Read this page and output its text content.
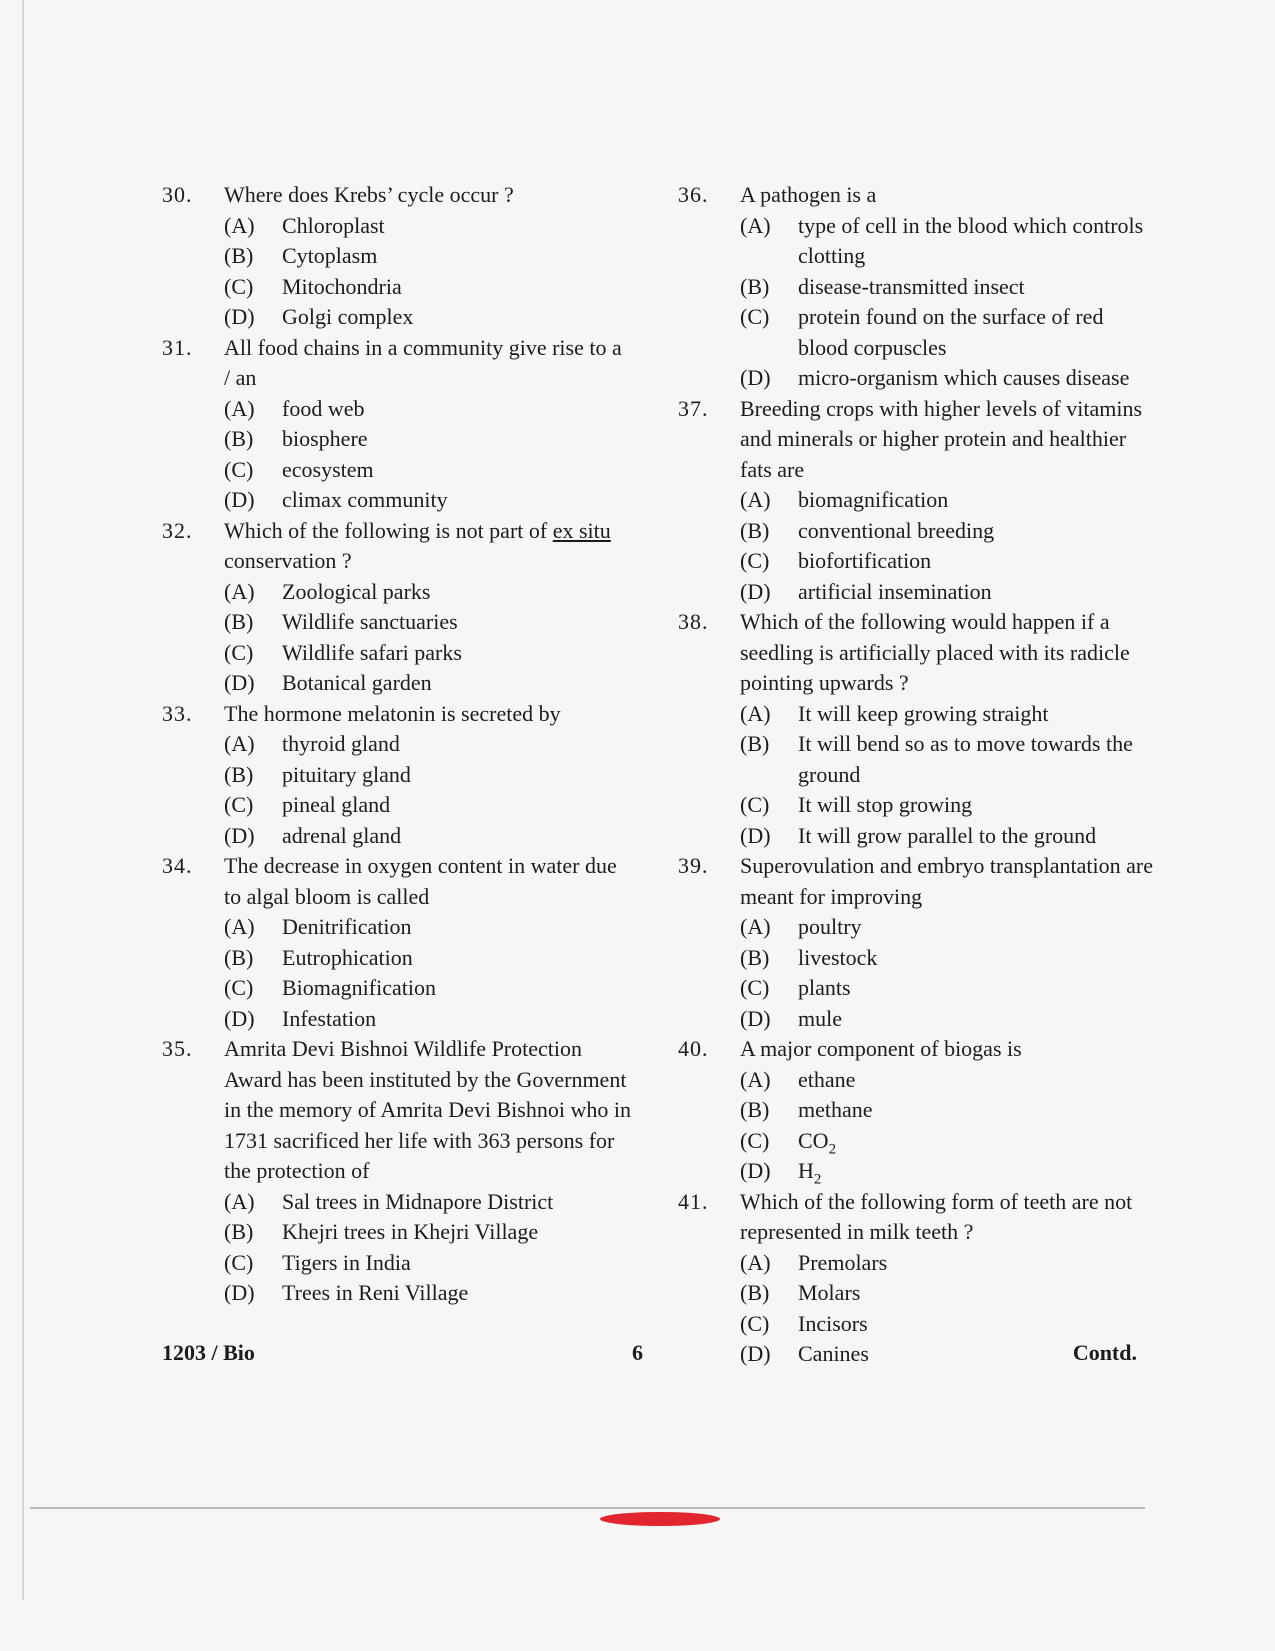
30.	Where does Krebs’ cycle occur ?
(A)	Chloroplast
(B)	Cytoplasm
(C)	Mitochondria
(D)	Golgi complex
31.	All food chains in a community give rise to a / an
(A)	food web
(B)	biosphere
(C)	ecosystem
(D)	climax community
32.	Which of the following is not part of ex situ conservation ?
(A)	Zoological parks
(B)	Wildlife sanctuaries
(C)	Wildlife safari parks
(D)	Botanical garden
33.	The hormone melatonin is secreted by
(A)	thyroid gland
(B)	pituitary gland
(C)	pineal gland
(D)	adrenal gland
34.	The decrease in oxygen content in water due to algal bloom is called
(A)	Denitrification
(B)	Eutrophication
(C)	Biomagnification
(D)	Infestation
35.	Amrita Devi Bishnoi Wildlife Protection Award has been instituted by the Government in the memory of Amrita Devi Bishnoi who in 1731 sacrificed her life with 363 persons for the protection of
(A)	Sal trees in Midnapore District
(B)	Khejri trees in Khejri Village
(C)	Tigers in India
(D)	Trees in Reni Village
36.	A pathogen is a
(A)	type of cell in the blood which controls clotting
(B)	disease-transmitted insect
(C)	protein found on the surface of red blood corpuscles
(D)	micro-organism which causes disease
37.	Breeding crops with higher levels of vitamins and minerals or higher protein and healthier fats are
(A)	biomagnification
(B)	conventional breeding
(C)	biofortification
(D)	artificial insemination
38.	Which of the following would happen if a seedling is artificially placed with its radicle pointing upwards ?
(A)	It will keep growing straight
(B)	It will bend so as to move towards the ground
(C)	It will stop growing
(D)	It will grow parallel to the ground
39.	Superovulation and embryo transplantation are meant for improving
(A)	poultry
(B)	livestock
(C)	plants
(D)	mule
40.	A major component of biogas is
(A)	ethane
(B)	methane
(C)	$CO_2$
(D)	$H_2$
41.	Which of the following form of teeth are not represented in milk teeth ?
(A)	Premolars
(B)	Molars
(C)	Incisors
(D)	Canines
1203 / Bio	6	Contd.
